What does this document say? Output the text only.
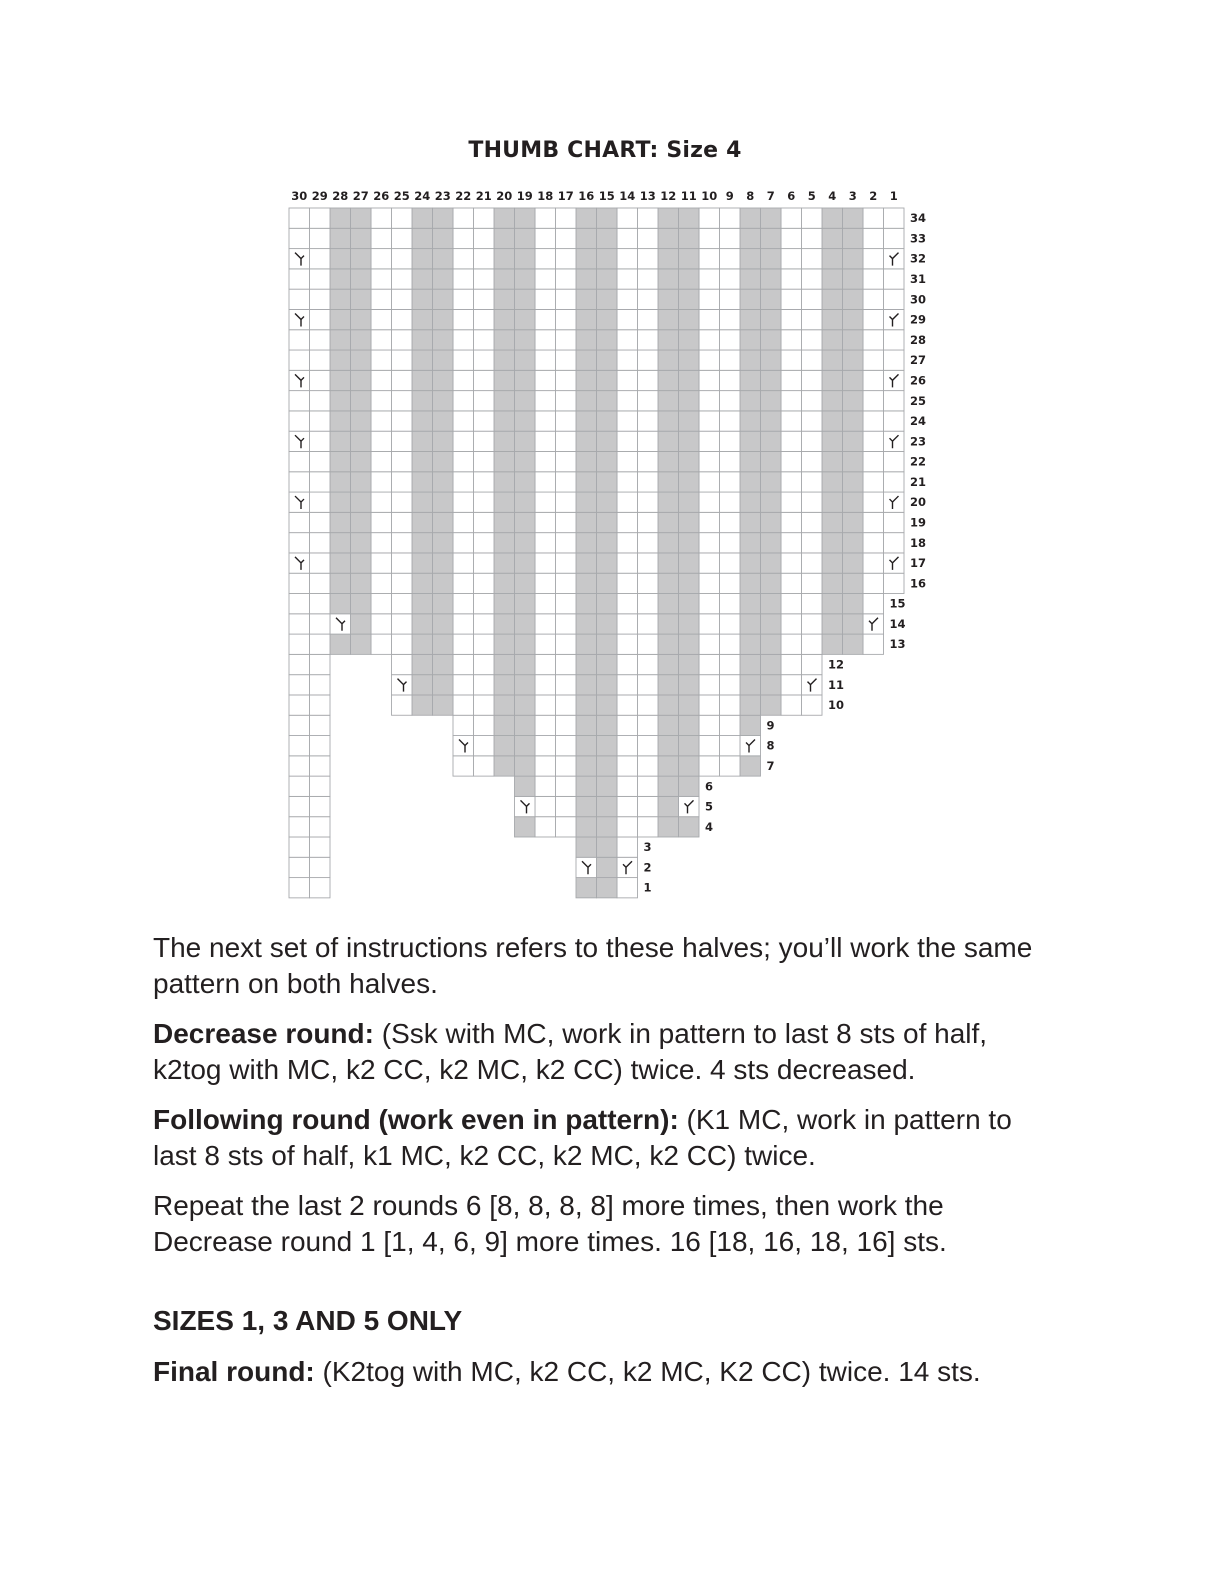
THUMB CHART: Size 4
30 29 28 27 26 25 24 23 22 21 20 19 18 17 16 15 14 13 12 11 10 9 8 7 6 5 4 3 2 1
1
2
3
4
5
6
7
8
9
10
11
12
13
14
15
16
17
18
19
20
21
22
23
24
25
26
27
28
29
30
31
32
33
34

The next set of instructions refers to these halves; you’ll work the same pattern on both halves.

Decrease round: (Ssk with MC, work in pattern to last 8 sts of half, k2tog with MC, k2 CC, k2 MC, k2 CC) twice. 4 sts decreased.

Following round (work even in pattern): (K1 MC, work in pattern to last 8 sts of half, k1 MC, k2 CC, k2 MC, k2 CC) twice.

Repeat the last 2 rounds 6 [8, 8, 8, 8] more times, then work the Decrease round 1 [1, 4, 6, 9] more times. 16 [18, 16, 18, 16] sts.

SIZES 1, 3 AND 5 ONLY

Final round: (K2tog with MC, k2 CC, k2 MC, K2 CC) twice. 14 sts.
